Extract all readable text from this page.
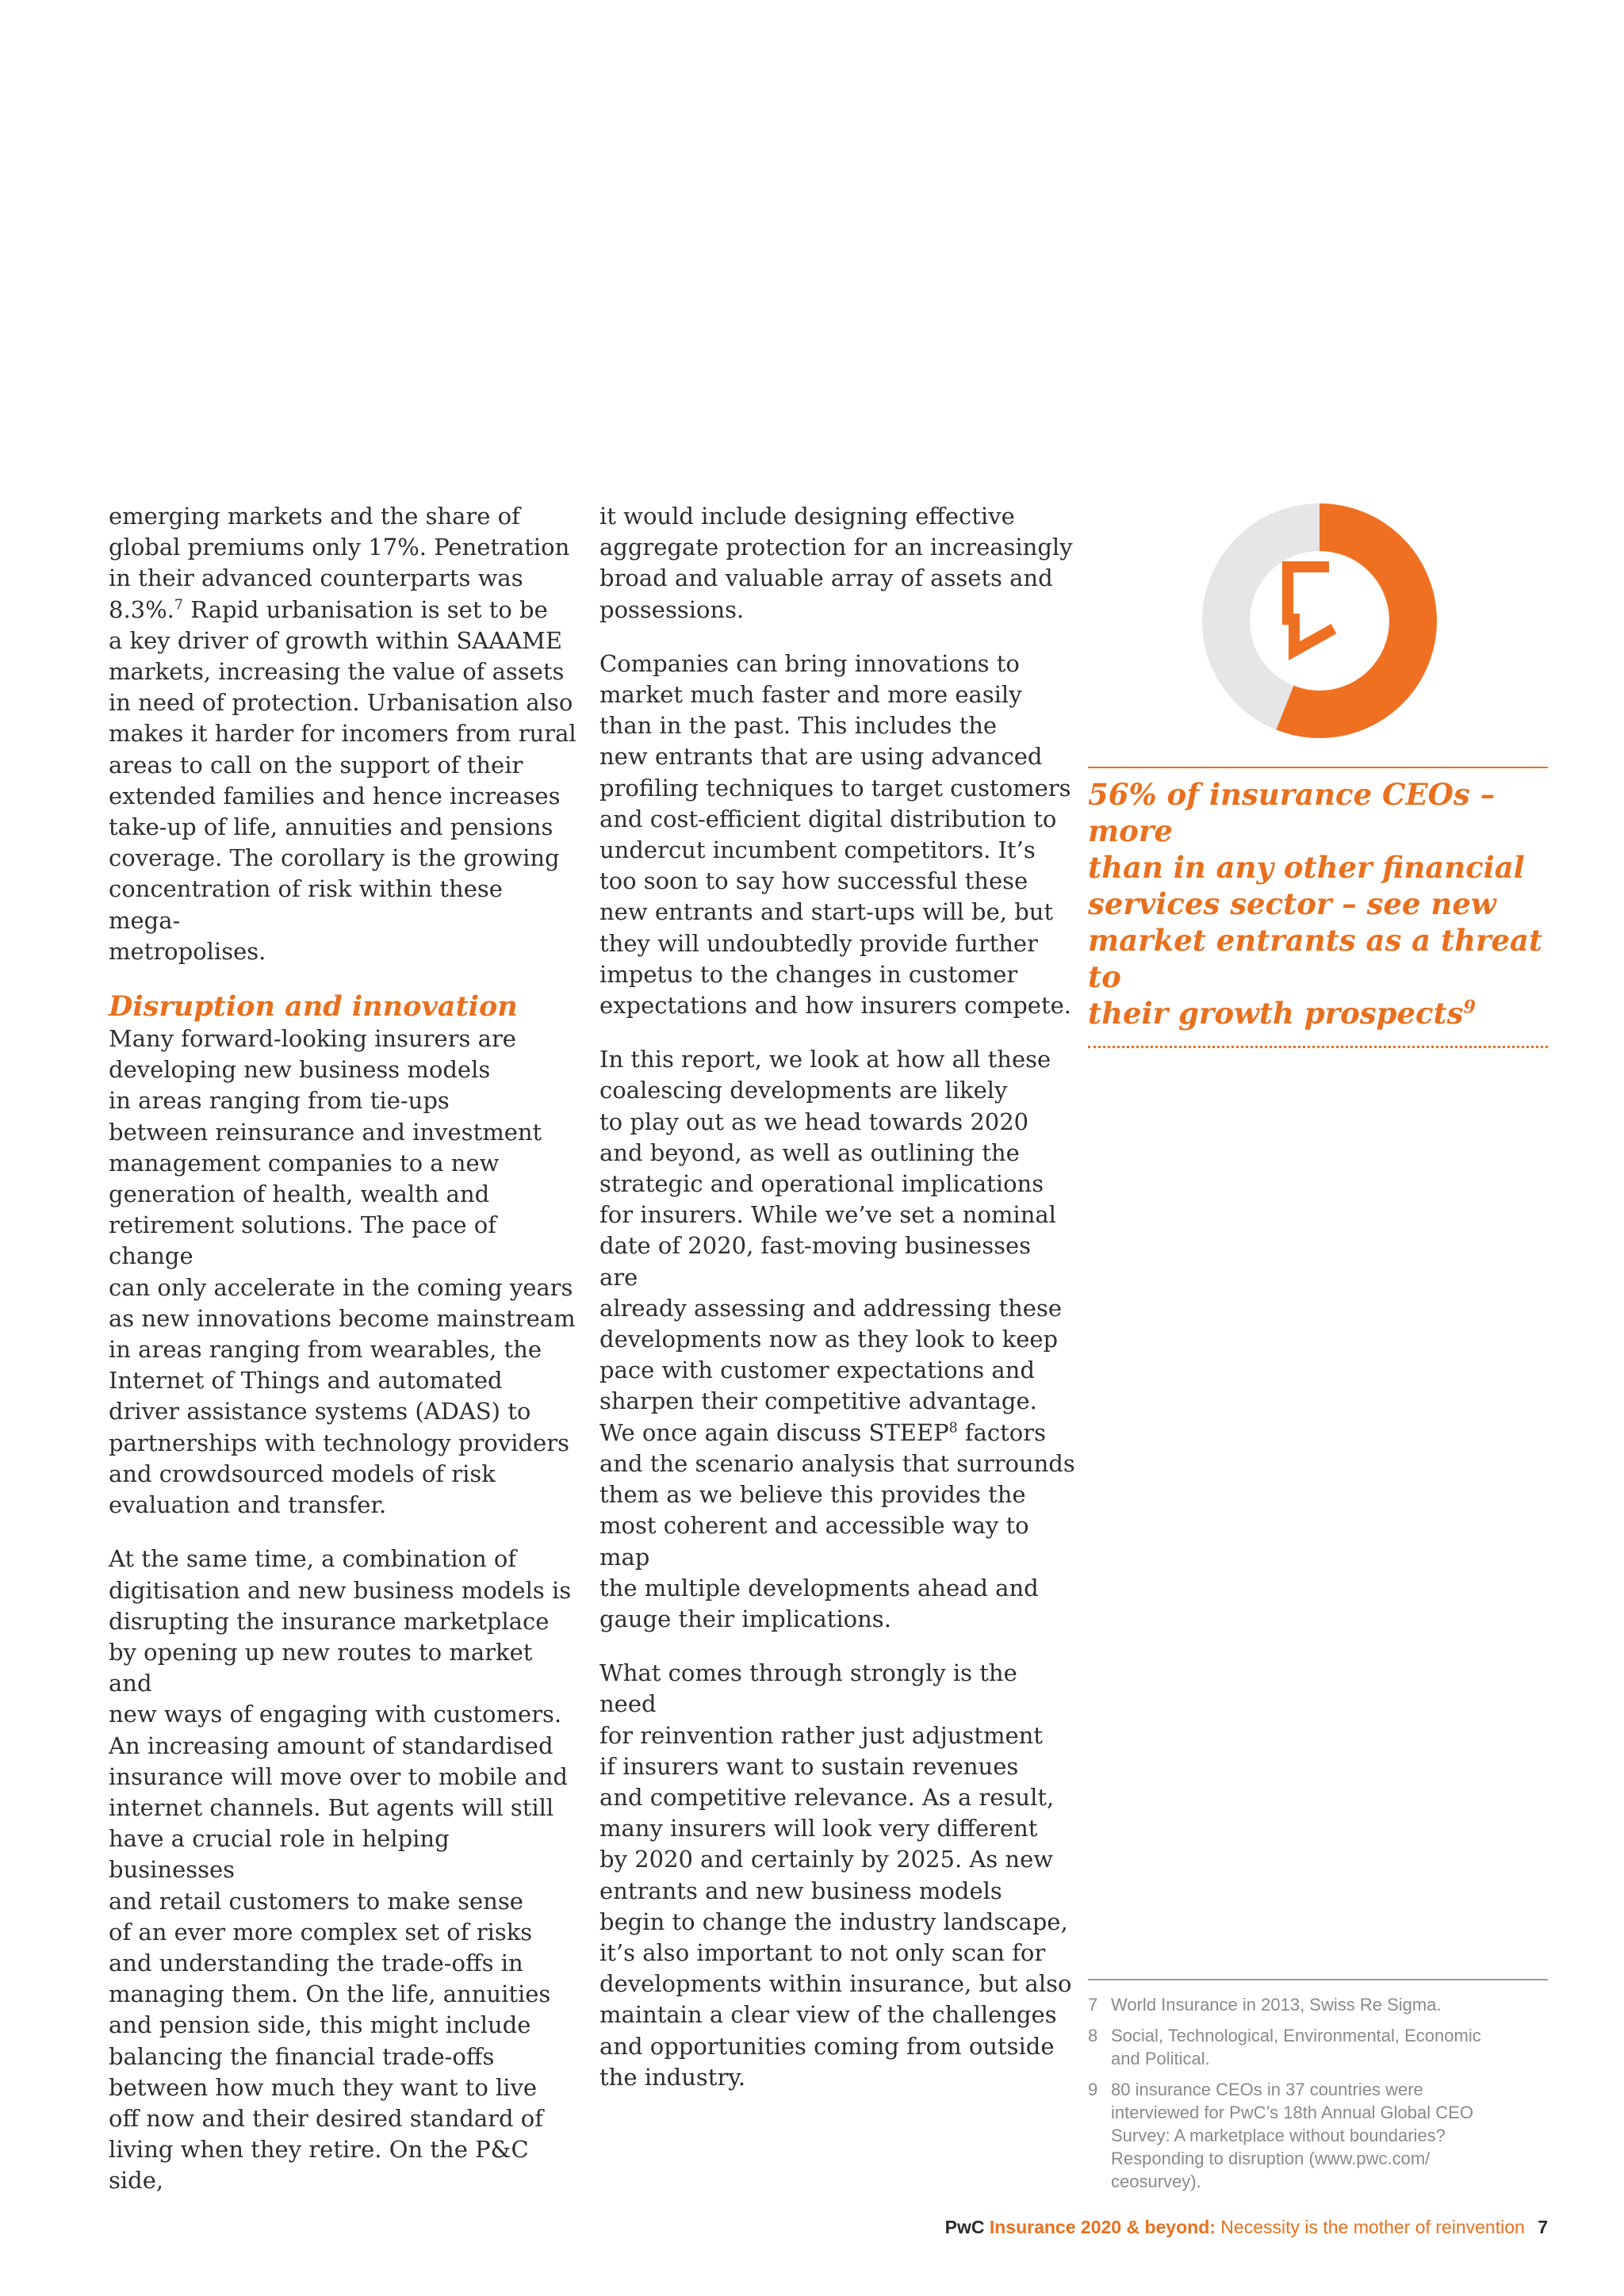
emerging markets and the share of
global premiums only 17%. Penetration
in their advanced counterparts was
8.3%.$^7$ Rapid urbanisation is set to be
a key driver of growth within SAAAME
markets, increasing the value of assets
in need of protection. Urbanisation also
makes it harder for incomers from rural
areas to call on the support of their
extended families and hence increases
take-up of life, annuities and pensions
coverage. The corollary is the growing
concentration of risk within these mega-
metropolises.

Disruption and innovation

Many forward-looking insurers are
developing new business models
in areas ranging from tie-ups
between reinsurance and investment
management companies to a new
generation of health, wealth and
retirement solutions. The pace of change
can only accelerate in the coming years
as new innovations become mainstream
in areas ranging from wearables, the
Internet of Things and automated
driver assistance systems (ADAS) to
partnerships with technology providers
and crowdsourced models of risk
evaluation and transfer.

At the same time, a combination of
digitisation and new business models is
disrupting the insurance marketplace
by opening up new routes to market and
new ways of engaging with customers.
An increasing amount of standardised
insurance will move over to mobile and
internet channels. But agents will still
have a crucial role in helping businesses
and retail customers to make sense
of an ever more complex set of risks
and understanding the trade-offs in
managing them. On the life, annuities
and pension side, this might include
balancing the financial trade-offs
between how much they want to live
off now and their desired standard of
living when they retire. On the P&C side,

it would include designing effective
aggregate protection for an increasingly
broad and valuable array of assets and
possessions.

Companies can bring innovations to
market much faster and more easily
than in the past. This includes the
new entrants that are using advanced
profiling techniques to target customers
and cost-efficient digital distribution to
undercut incumbent competitors. It’s
too soon to say how successful these
new entrants and start-ups will be, but
they will undoubtedly provide further
impetus to the changes in customer
expectations and how insurers compete.

In this report, we look at how all these
coalescing developments are likely
to play out as we head towards 2020
and beyond, as well as outlining the
strategic and operational implications
for insurers. While we’ve set a nominal
date of 2020, fast-moving businesses are
already assessing and addressing these
developments now as they look to keep
pace with customer expectations and
sharpen their competitive advantage.
We once again discuss STEEP$^8$ factors
and the scenario analysis that surrounds
them as we believe this provides the
most coherent and accessible way to map
the multiple developments ahead and
gauge their implications.

What comes through strongly is the need
for reinvention rather just adjustment
if insurers want to sustain revenues
and competitive relevance. As a result,
many insurers will look very different
by 2020 and certainly by 2025. As new
entrants and new business models
begin to change the industry landscape,
it’s also important to not only scan for
developments within insurance, but also
maintain a clear view of the challenges
and opportunities coming from outside
the industry.

56% of insurance CEOs – more
than in any other financial
services sector – see new
market entrants as a threat to
their growth prospects$^9$

7 World Insurance in 2013, Swiss Re Sigma.
8 Social, Technological, Environmental, Economic
and Political.
9 80 insurance CEOs in 37 countries were
interviewed for PwC’s 18th Annual Global CEO
Survey: A marketplace without boundaries?
Responding to disruption (www.pwc.com/
ceosurvey).
PwC Insurance 2020 & beyond: Necessity is the mother of reinvention 7
